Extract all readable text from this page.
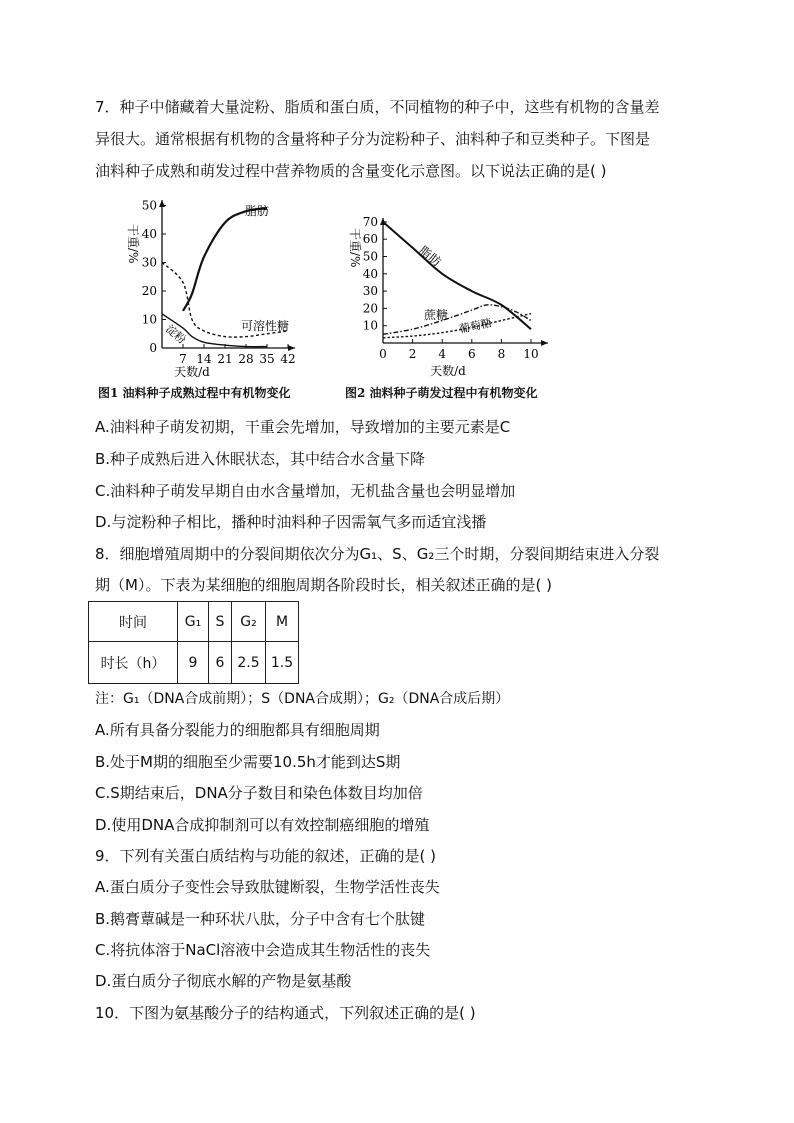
7．种子中储藏着大量淀粉、脂质和蛋白质，不同植物的种子中，这些有机物的含量差
异很大。通常根据有机物的含量将种子分为淀粉种子、油料种子和豆类种子。下图是
油料种子成熟和萌发过程中营养物质的含量变化示意图。以下说法正确的是( )
0
10
20
30
40
50
7 14 21 28 35 42
干重/%
天数/d
脂肪
可溶性糖
淀粉
图1 油料种子成熟过程中有机物变化
10
20
30
40
50
60
70
0 2 4 6 8 10
干重/%
天数/d
脂肪
蔗糖
葡萄糖
图2 油料种子萌发过程中有机物变化
A.油料种子萌发初期，干重会先增加，导致增加的主要元素是C
B.种子成熟后进入休眠状态，其中结合水含量下降
C.油料种子萌发早期自由水含量增加，无机盐含量也会明显增加
D.与淀粉种子相比，播种时油料种子因需氧气多而适宜浅播
8．细胞增殖周期中的分裂间期依次分为G₁、S、G₂三个时期，分裂间期结束进入分裂
期（M）。下表为某细胞的细胞周期各阶段时长，相关叙述正确的是( )
时间	G₁	S	G₂	M
时长（h）	9	6	2.5	1.5
注：G₁（DNA合成前期）；S（DNA合成期）；G₂（DNA合成后期）
A.所有具备分裂能力的细胞都具有细胞周期
B.处于M期的细胞至少需要10.5h才能到达S期
C.S期结束后，DNA分子数目和染色体数目均加倍
D.使用DNA合成抑制剂可以有效控制癌细胞的增殖
9．下列有关蛋白质结构与功能的叙述，正确的是( )
A.蛋白质分子变性会导致肽键断裂，生物学活性丧失
B.鹅膏蕈碱是一种环状八肽，分子中含有七个肽键
C.将抗体溶于NaCl溶液中会造成其生物活性的丧失
D.蛋白质分子彻底水解的产物是氨基酸
10．下图为氨基酸分子的结构通式，下列叙述正确的是( )
